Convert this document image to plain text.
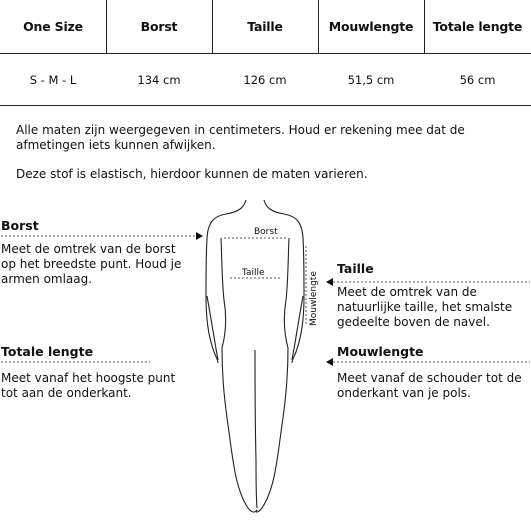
One Size	Borst	Taille	Mouwlengte	Totale lengte
S - M - L	134 cm	126 cm	51,5 cm	56 cm
Alle maten zijn weergegeven in centimeters. Houd er rekening mee dat de
afmetingen iets kunnen afwijken.
Deze stof is elastisch, hierdoor kunnen de maten varieren.
Borst
Taille	Mouwlengte
Borst
Meet de omtrek van de borst
op het breedste punt. Houd je
armen omlaag.
Taille
Meet de omtrek van de
natuurlijke taille, het smalste
gedeelte boven de navel.
Totale lengte
Meet vanaf het hoogste punt
tot aan de onderkant.
Mouwlengte
Meet vanaf de schouder tot de
onderkant van je pols.
